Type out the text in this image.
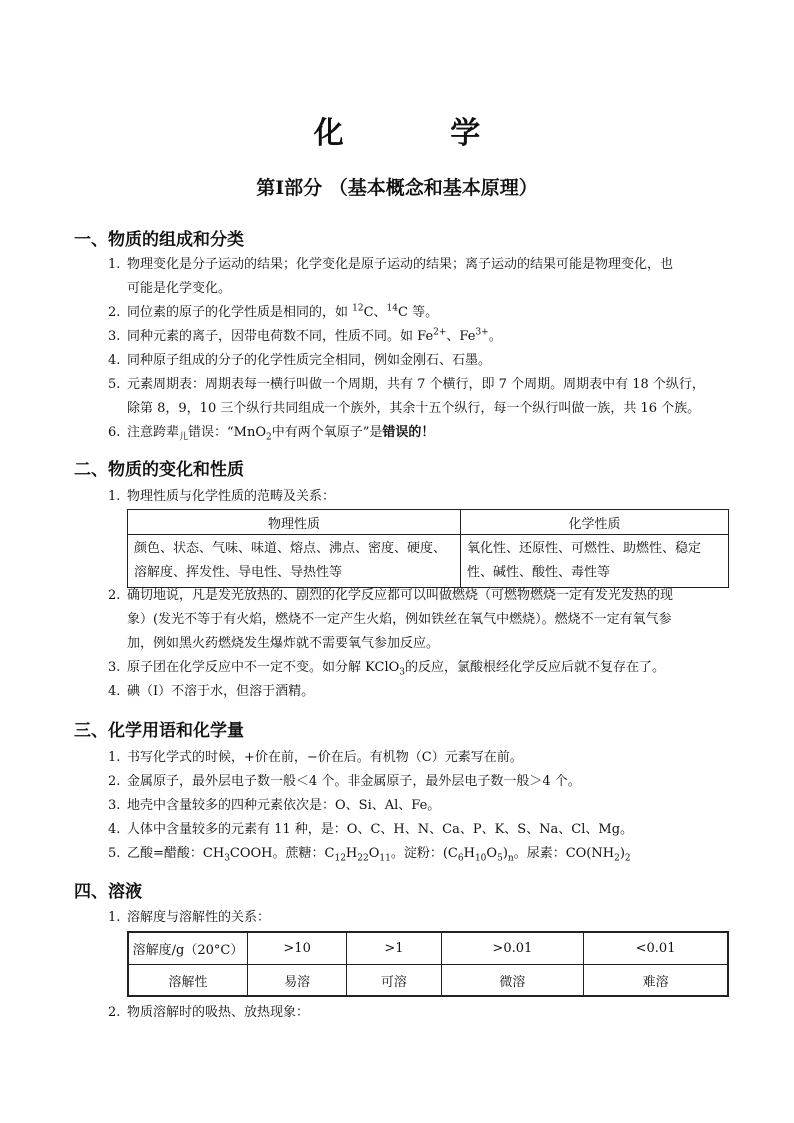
化 学
第Ⅰ部分 （基本概念和基本原理）
一、物质的组成和分类
1. 物理变化是分子运动的结果；化学变化是原子运动的结果；离子运动的结果可能是物理变化，也
可能是化学变化。
2. 同位素的原子的化学性质是相同的，如 $^{12}$C、$^{14}$C 等。
3. 同种元素的离子，因带电荷数不同，性质不同。如 $Fe^{2+}$、$Fe^{3+}$。
4. 同种原子组成的分子的化学性质完全相同，例如金刚石、石墨。
5. 元素周期表：周期表每一横行叫做一个周期，共有 7 个横行，即 7 个周期。周期表中有 18 个纵行，
除第 8，9，10 三个纵行共同组成一个族外，其余十五个纵行，每一个纵行叫做一族，共 16 个族。
6. 注意跨辈$_儿$错误：“MnO$_2$中有两个氧原子”是错误的！
二、物质的变化和性质
1. 物理性质与化学性质的范畴及关系：
物理性质	化学性质
颜色、状态、气味、味道、熔点、沸点、密度、硬度、溶解度、挥发性、导电性、导热性等	氧化性、还原性、可燃性、助燃性、稳定性、碱性、酸性、毒性等
2. 确切地说，凡是发光放热的、剧烈的化学反应都可以叫做燃烧（可燃物燃烧一定有发光发热的现
象）(发光不等于有火焰，燃烧不一定产生火焰，例如铁丝在氧气中燃烧）。燃烧不一定有氧气参
加，例如黑火药燃烧发生爆炸就不需要氧气参加反应。
3. 原子团在化学反应中不一定不变。如分解 KClO$_3$的反应，氯酸根经化学反应后就不复存在了。
4. 碘（I）不溶于水，但溶于酒精。
三、化学用语和化学量
1. 书写化学式的时候，+价在前，−价在后。有机物（C）元素写在前。
2. 金属原子，最外层电子数一般＜4 个。非金属原子，最外层电子数一般＞4 个。
3. 地壳中含量较多的四种元素依次是：O、Si、Al、Fe。
4. 人体中含量较多的元素有 11 种，是：O、C、H、N、Ca、P、K、S、Na、Cl、Mg。
5. 乙酸=醋酸：$CH_3COOH$。蔗糖：$C_{12}H_{22}O_{11}$。淀粉：$(C_6H_{10}O_5)_n$。尿素：$CO(NH_2)_2$
四、溶液
1. 溶解度与溶解性的关系：
溶解度/g（20°C）	>10	>1	>0.01	<0.01
溶解性	易溶	可溶	微溶	难溶
2. 物质溶解时的吸热、放热现象：
